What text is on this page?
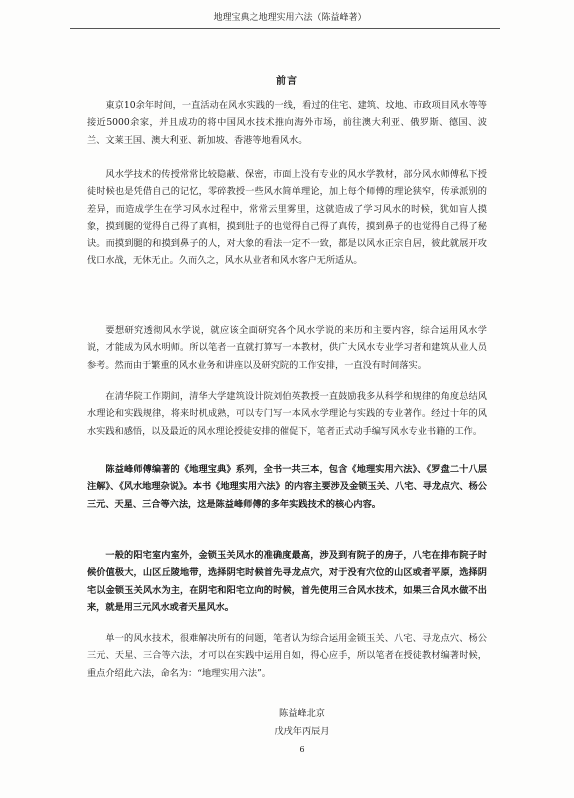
地理宝典之地理实用六法（陈益峰著）
前言

東京10余年时间，一直活动在风水实践的一线，看过的住宅、建筑、坟地、市政项目风水等等接近5000余家，并且成功的将中国风水技术推向海外市场，前往澳大利亚、俄罗斯、德国、波兰、文莱王国、澳大利亚、新加坡、香港等地看风水。

风水学技术的传授常常比较隐蔽、保密，市面上没有专业的风水学教材，部分风水师傅私下授徒时候也是凭借自己的记忆，零碎教授一些风水简单理论，加上每个师傅的理论狭窄，传承派别的差异，而造成学生在学习风水过程中，常常云里雾里，这就造成了学习风水的时候，犹如盲人摸象，摸到腿的觉得自己得了真相，摸到肚子的也觉得自己得了真传，摸到鼻子的也觉得自己得了秘诀。而摸到腿的和摸到鼻子的人，对大象的看法一定不一致，都是以风水正宗自居，彼此就展开攻伐口水战，无休无止。久而久之，风水从业者和风水客户无所适从。

要想研究透彻风水学说，就应该全面研究各个风水学说的来历和主要内容，综合运用风水学说，才能成为风水明师。所以笔者一直就打算写一本教材，供广大风水专业学习者和建筑从业人员参考。然而由于繁重的风水业务和讲座以及研究院的工作安排，一直没有时间落实。

在清华院工作期间，清华大学建筑设计院刘伯英教授一直鼓励我多从科学和规律的角度总结风水理论和实践规律，将来时机成熟，可以专门写一本风水学理论与实践的专业著作。经过十年的风水实践和感悟，以及最近的风水理论授徒安排的催促下，笔者正式动手编写风水专业书籍的工作。

陈益峰师傅编著的《地理宝典》系列，全书一共三本，包含《地理实用六法》、《罗盘二十八层注解》、《风水地理杂说》。本书《地理实用六法》的内容主要涉及金锁玉关、八宅、寻龙点穴、杨公三元、天星、三合等六法，这是陈益峰师傅的多年实践技术的核心内容。

一般的阳宅室内室外，金锁玉关风水的准确度最高，涉及到有院子的房子，八宅在排布院子时候价值极大，山区丘陵地带，选择阴宅时候首先寻龙点穴，对于没有穴位的山区或者平原，选择阴宅以金锁玉关风水为主，在阴宅和阳宅立向的时候，首先使用三合风水技术，如果三合风水做不出来，就是用三元风水或者天星风水。

单一的风水技术，很难解决所有的问题，笔者认为综合运用金锁玉关、八宅、寻龙点穴、杨公三元、天星、三合等六法，才可以在实践中运用自如，得心应手，所以笔者在授徒教材编著时候，重点介绍此六法，命名为：“地理实用六法”。

陈益峰北京
戊戌年丙辰月
6
